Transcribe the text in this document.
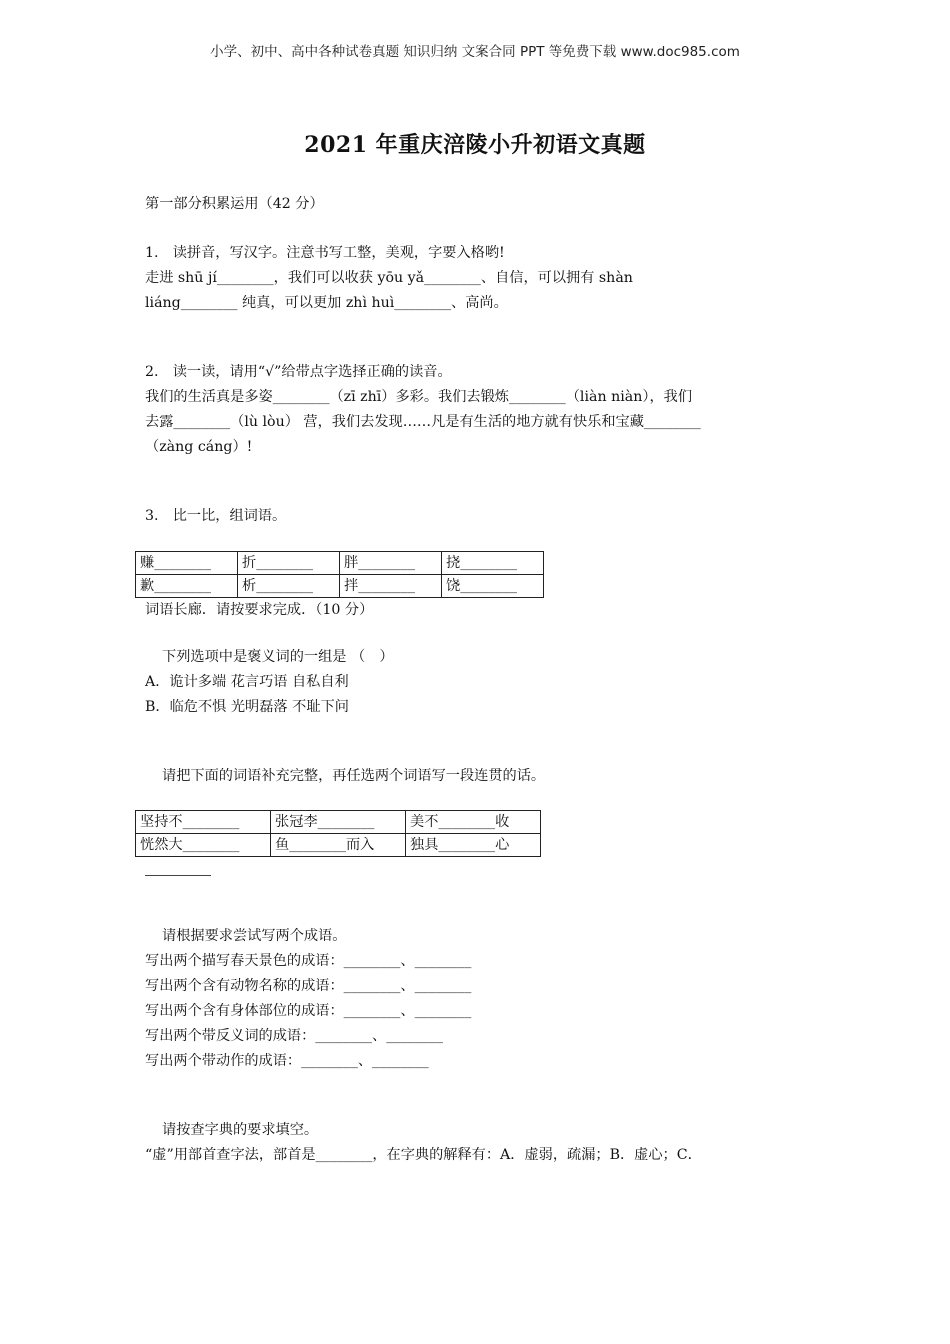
小学、初中、高中各种试卷真题 知识归纳 文案合同 PPT 等免费下载 www.doc985.com
2021 年重庆涪陵小升初语文真题
第一部分积累运用（42 分）
1.　读拼音，写汉字。注意书写工整，美观，字要入格哟!
走进 shū jí________，我们可以收获 yōu yǎ________、自信，可以拥有 shàn
liáng________ 纯真，可以更加 zhì huì________、高尚。
2.　读一读，请用“√”给带点字选择正确的读音。
我们的生活真是多姿________（zī zhī）多彩。我们去锻炼________（liàn niàn），我们
去露________（lù lòu） 营，我们去发现……凡是有生活的地方就有快乐和宝藏________
（zàng cáng）!
3.　比一比，组词语。
赚________	折________	胖________	挠________
歉________	析________	拌________	饶________
词语长廊．请按要求完成．（10 分）
下列选项中是褒义词的一组是 （　）
A．诡计多端 花言巧语 自私自利
B．临危不惧 光明磊落 不耻下问
请把下面的词语补充完整，再任选两个词语写一段连贯的话。
坚持不________	张冠李________	美不________收
恍然大________	鱼________而入	独具________心
请根据要求尝试写两个成语。
写出两个描写春天景色的成语：________、________
写出两个含有动物名称的成语：________、________
写出两个含有身体部位的成语：________、________
写出两个带反义词的成语：________、________
写出两个带动作的成语：________、________
请按查字典的要求填空。
“虚”用部首查字法，部首是________，在字典的解释有：A．虚弱，疏漏；B．虚心；C．
